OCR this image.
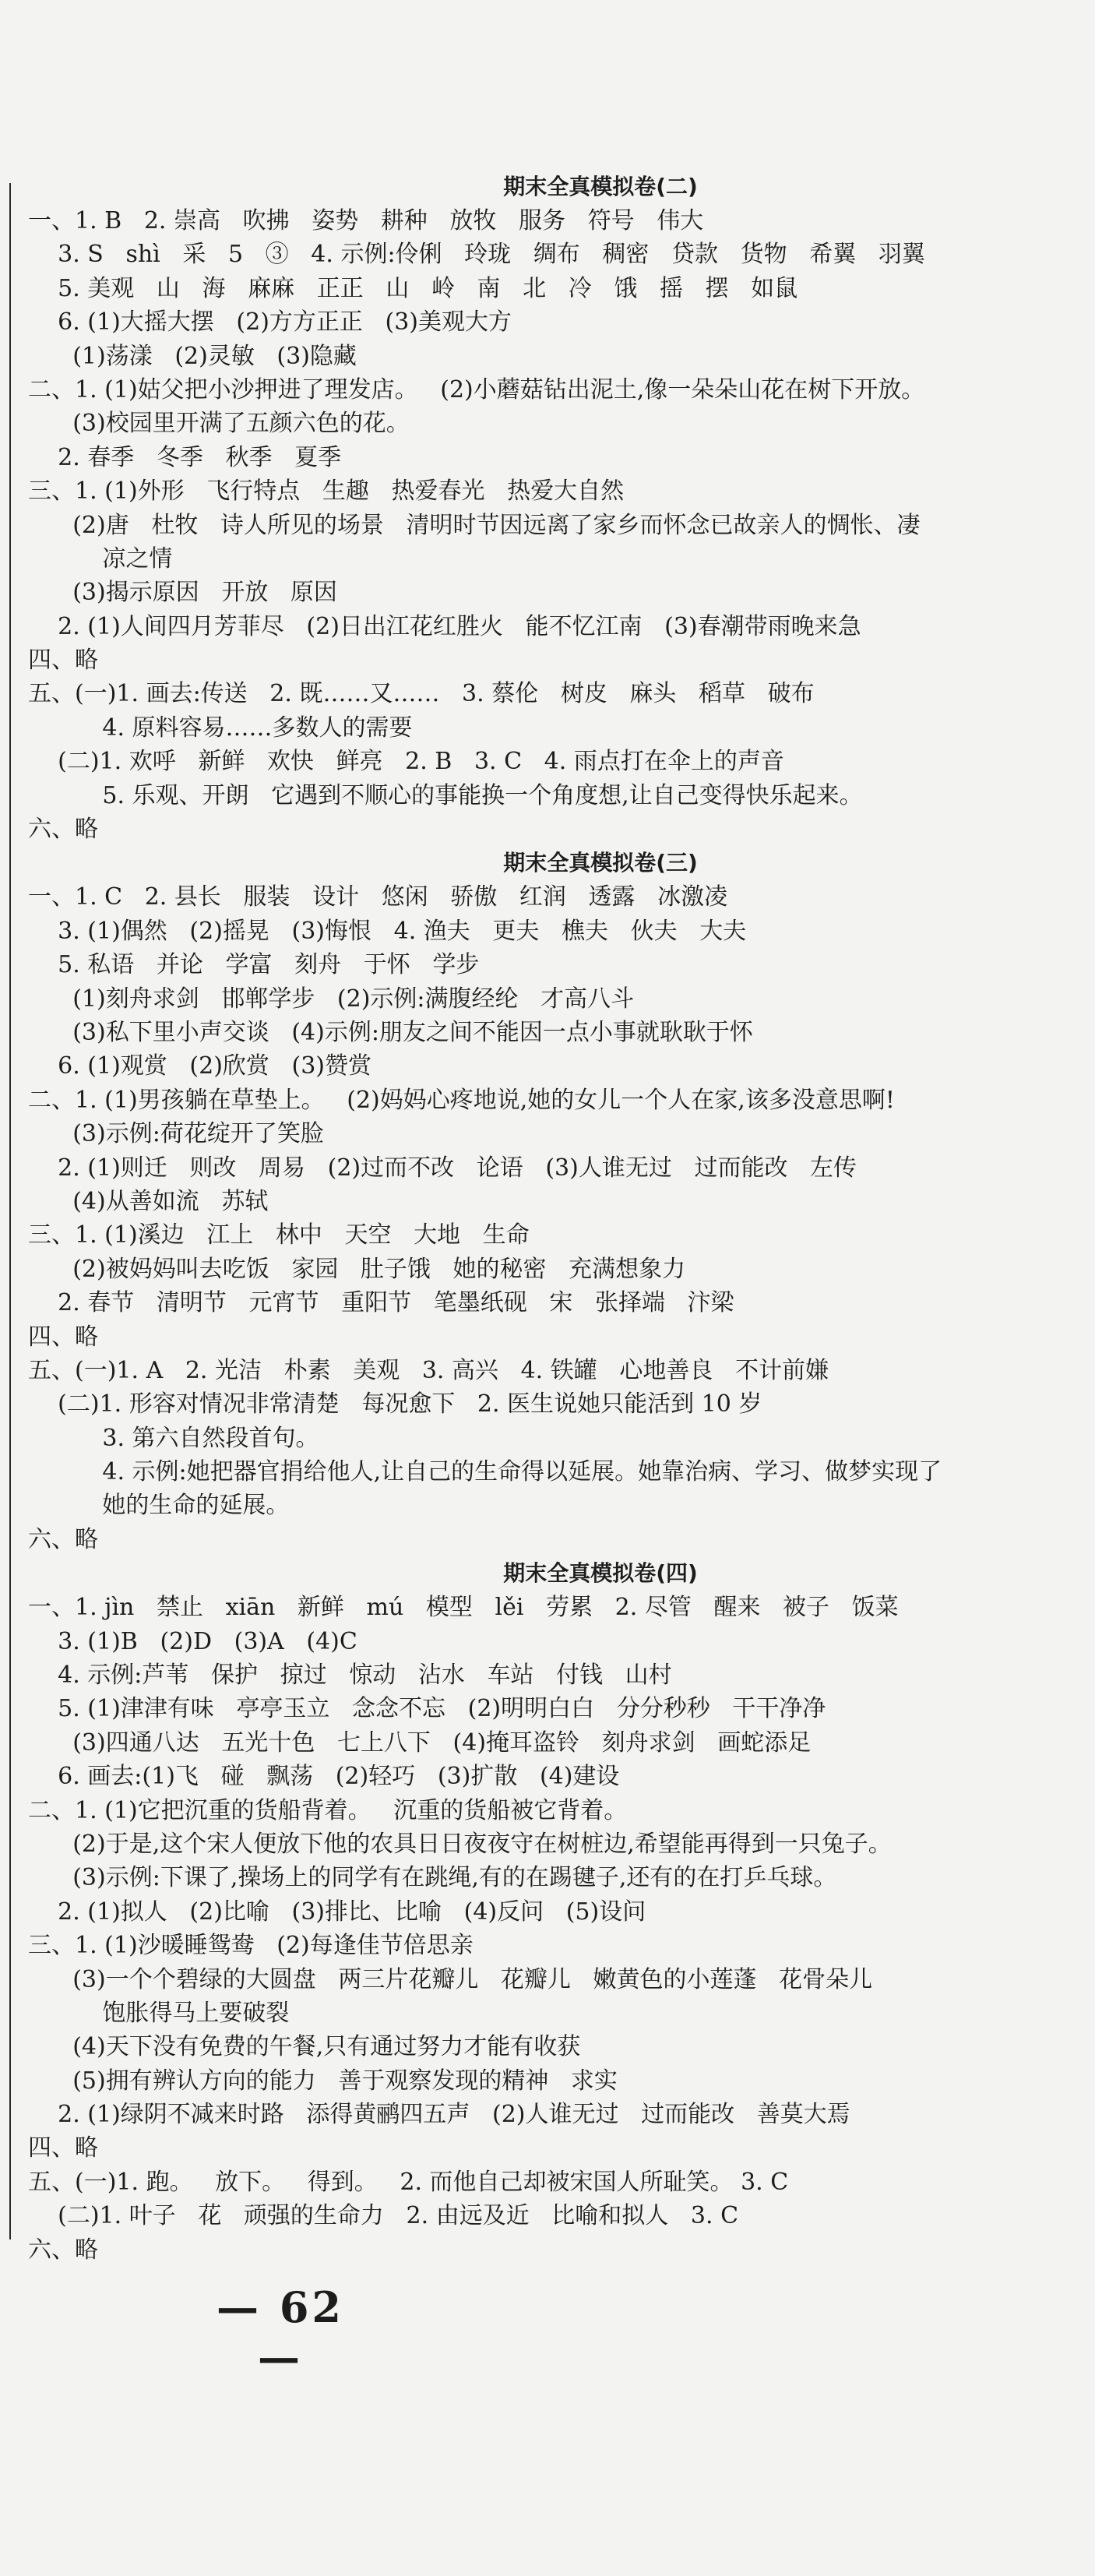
期末全真模拟卷(二)
一、1. B   2. 崇高   吹拂   姿势   耕种   放牧   服务   符号   伟大
3. S   shì   采   5   ③   4. 示例:伶俐   玲珑   绸布   稠密   贷款   货物   希翼   羽翼
5. 美观   山   海   麻麻   正正   山   岭   南   北   冷   饿   摇   摆   如鼠
6. (1)大摇大摆   (2)方方正正   (3)美观大方
(1)荡漾   (2)灵敏   (3)隐藏
二、1. (1)姑父把小沙押进了理发店。   (2)小蘑菇钻出泥土,像一朵朵山花在树下开放。
(3)校园里开满了五颜六色的花。
2. 春季   冬季   秋季   夏季
三、1. (1)外形   飞行特点   生趣   热爱春光   热爱大自然
(2)唐   杜牧   诗人所见的场景   清明时节因远离了家乡而怀念已故亲人的惆怅、凄
凉之情
(3)揭示原因   开放   原因
2. (1)人间四月芳菲尽   (2)日出江花红胜火   能不忆江南   (3)春潮带雨晚来急
四、略
五、(一)1. 画去:传送   2. 既……又……   3. 蔡伦   树皮   麻头   稻草   破布
4. 原料容易……多数人的需要
(二)1. 欢呼   新鲜   欢快   鲜亮   2. B   3. C   4. 雨点打在伞上的声音
5. 乐观、开朗   它遇到不顺心的事能换一个角度想,让自己变得快乐起来。
六、略
期末全真模拟卷(三)
一、1. C   2. 县长   服装   设计   悠闲   骄傲   红润   透露   冰激凌
3. (1)偶然   (2)摇晃   (3)悔恨   4. 渔夫   更夫   樵夫   伙夫   大夫
5. 私语   并论   学富   刻舟   于怀   学步
(1)刻舟求剑   邯郸学步   (2)示例:满腹经纶   才高八斗
(3)私下里小声交谈   (4)示例:朋友之间不能因一点小事就耿耿于怀
6. (1)观赏   (2)欣赏   (3)赞赏
二、1. (1)男孩躺在草垫上。   (2)妈妈心疼地说,她的女儿一个人在家,该多没意思啊!
(3)示例:荷花绽开了笑脸
2. (1)则迁   则改   周易   (2)过而不改   论语   (3)人谁无过   过而能改   左传
(4)从善如流   苏轼
三、1. (1)溪边   江上   林中   天空   大地   生命
(2)被妈妈叫去吃饭   家园   肚子饿   她的秘密   充满想象力
2. 春节   清明节   元宵节   重阳节   笔墨纸砚   宋   张择端   汴梁
四、略
五、(一)1. A   2. 光洁   朴素   美观   3. 高兴   4. 铁罐   心地善良   不计前嫌
(二)1. 形容对情况非常清楚   每况愈下   2. 医生说她只能活到 10 岁
3. 第六自然段首句。
4. 示例:她把器官捐给他人,让自己的生命得以延展。她靠治病、学习、做梦实现了
她的生命的延展。
六、略
期末全真模拟卷(四)
一、1. jìn   禁止   xiān   新鲜   mú   模型   lěi   劳累   2. 尽管   醒来   被子   饭菜
3. (1)B   (2)D   (3)A   (4)C
4. 示例:芦苇   保护   掠过   惊动   沾水   车站   付钱   山村
5. (1)津津有味   亭亭玉立   念念不忘   (2)明明白白   分分秒秒   干干净净
(3)四通八达   五光十色   七上八下   (4)掩耳盗铃   刻舟求剑   画蛇添足
6. 画去:(1)飞   碰   飘荡   (2)轻巧   (3)扩散   (4)建设
二、1. (1)它把沉重的货船背着。   沉重的货船被它背着。
(2)于是,这个宋人便放下他的农具日日夜夜守在树桩边,希望能再得到一只兔子。
(3)示例:下课了,操场上的同学有在跳绳,有的在踢毽子,还有的在打乒乓球。
2. (1)拟人   (2)比喻   (3)排比、比喻   (4)反问   (5)设问
三、1. (1)沙暖睡鸳鸯   (2)每逢佳节倍思亲
(3)一个个碧绿的大圆盘   两三片花瓣儿   花瓣儿   嫩黄色的小莲蓬   花骨朵儿
饱胀得马上要破裂
(4)天下没有免费的午餐,只有通过努力才能有收获
(5)拥有辨认方向的能力   善于观察发现的精神   求实
2. (1)绿阴不减来时路   添得黄鹂四五声   (2)人谁无过   过而能改   善莫大焉
四、略
五、(一)1. 跑。   放下。   得到。   2. 而他自己却被宋国人所耻笑。 3. C
(二)1. 叶子   花   顽强的生命力   2. 由远及近   比喻和拟人   3. C
六、略
— 62 —
